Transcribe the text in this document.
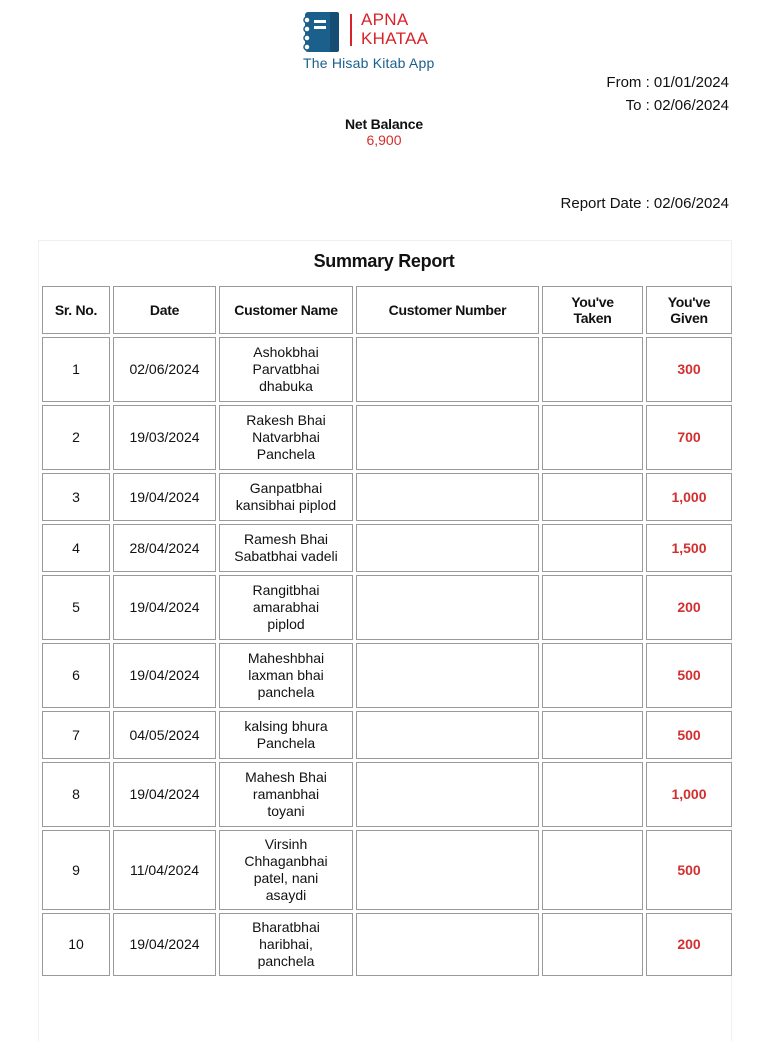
APNA
KHATAA
The Hisab Kitab App
From : 01/01/2024
To : 02/06/2024
Net Balance
6,900
Report Date : 02/06/2024
Summary Report
Sr. No.	Date	Customer Name	Customer Number	You've Taken	You've Given
1	02/06/2024	Ashokbhai Parvatbhai dhabuka			300
2	19/03/2024	Rakesh Bhai Natvarbhai Panchela			700
3	19/04/2024	Ganpatbhai kansibhai piplod			1,000
4	28/04/2024	Ramesh Bhai Sabatbhai vadeli			1,500
5	19/04/2024	Rangitbhai amarabhai piplod			200
6	19/04/2024	Maheshbhai laxman bhai panchela			500
7	04/05/2024	kalsing bhura Panchela			500
8	19/04/2024	Mahesh Bhai ramanbhai toyani			1,000
9	11/04/2024	Virsinh Chhaganbhai patel, nani asaydi			500
10	19/04/2024	Bharatbhai haribhai, panchela			200
